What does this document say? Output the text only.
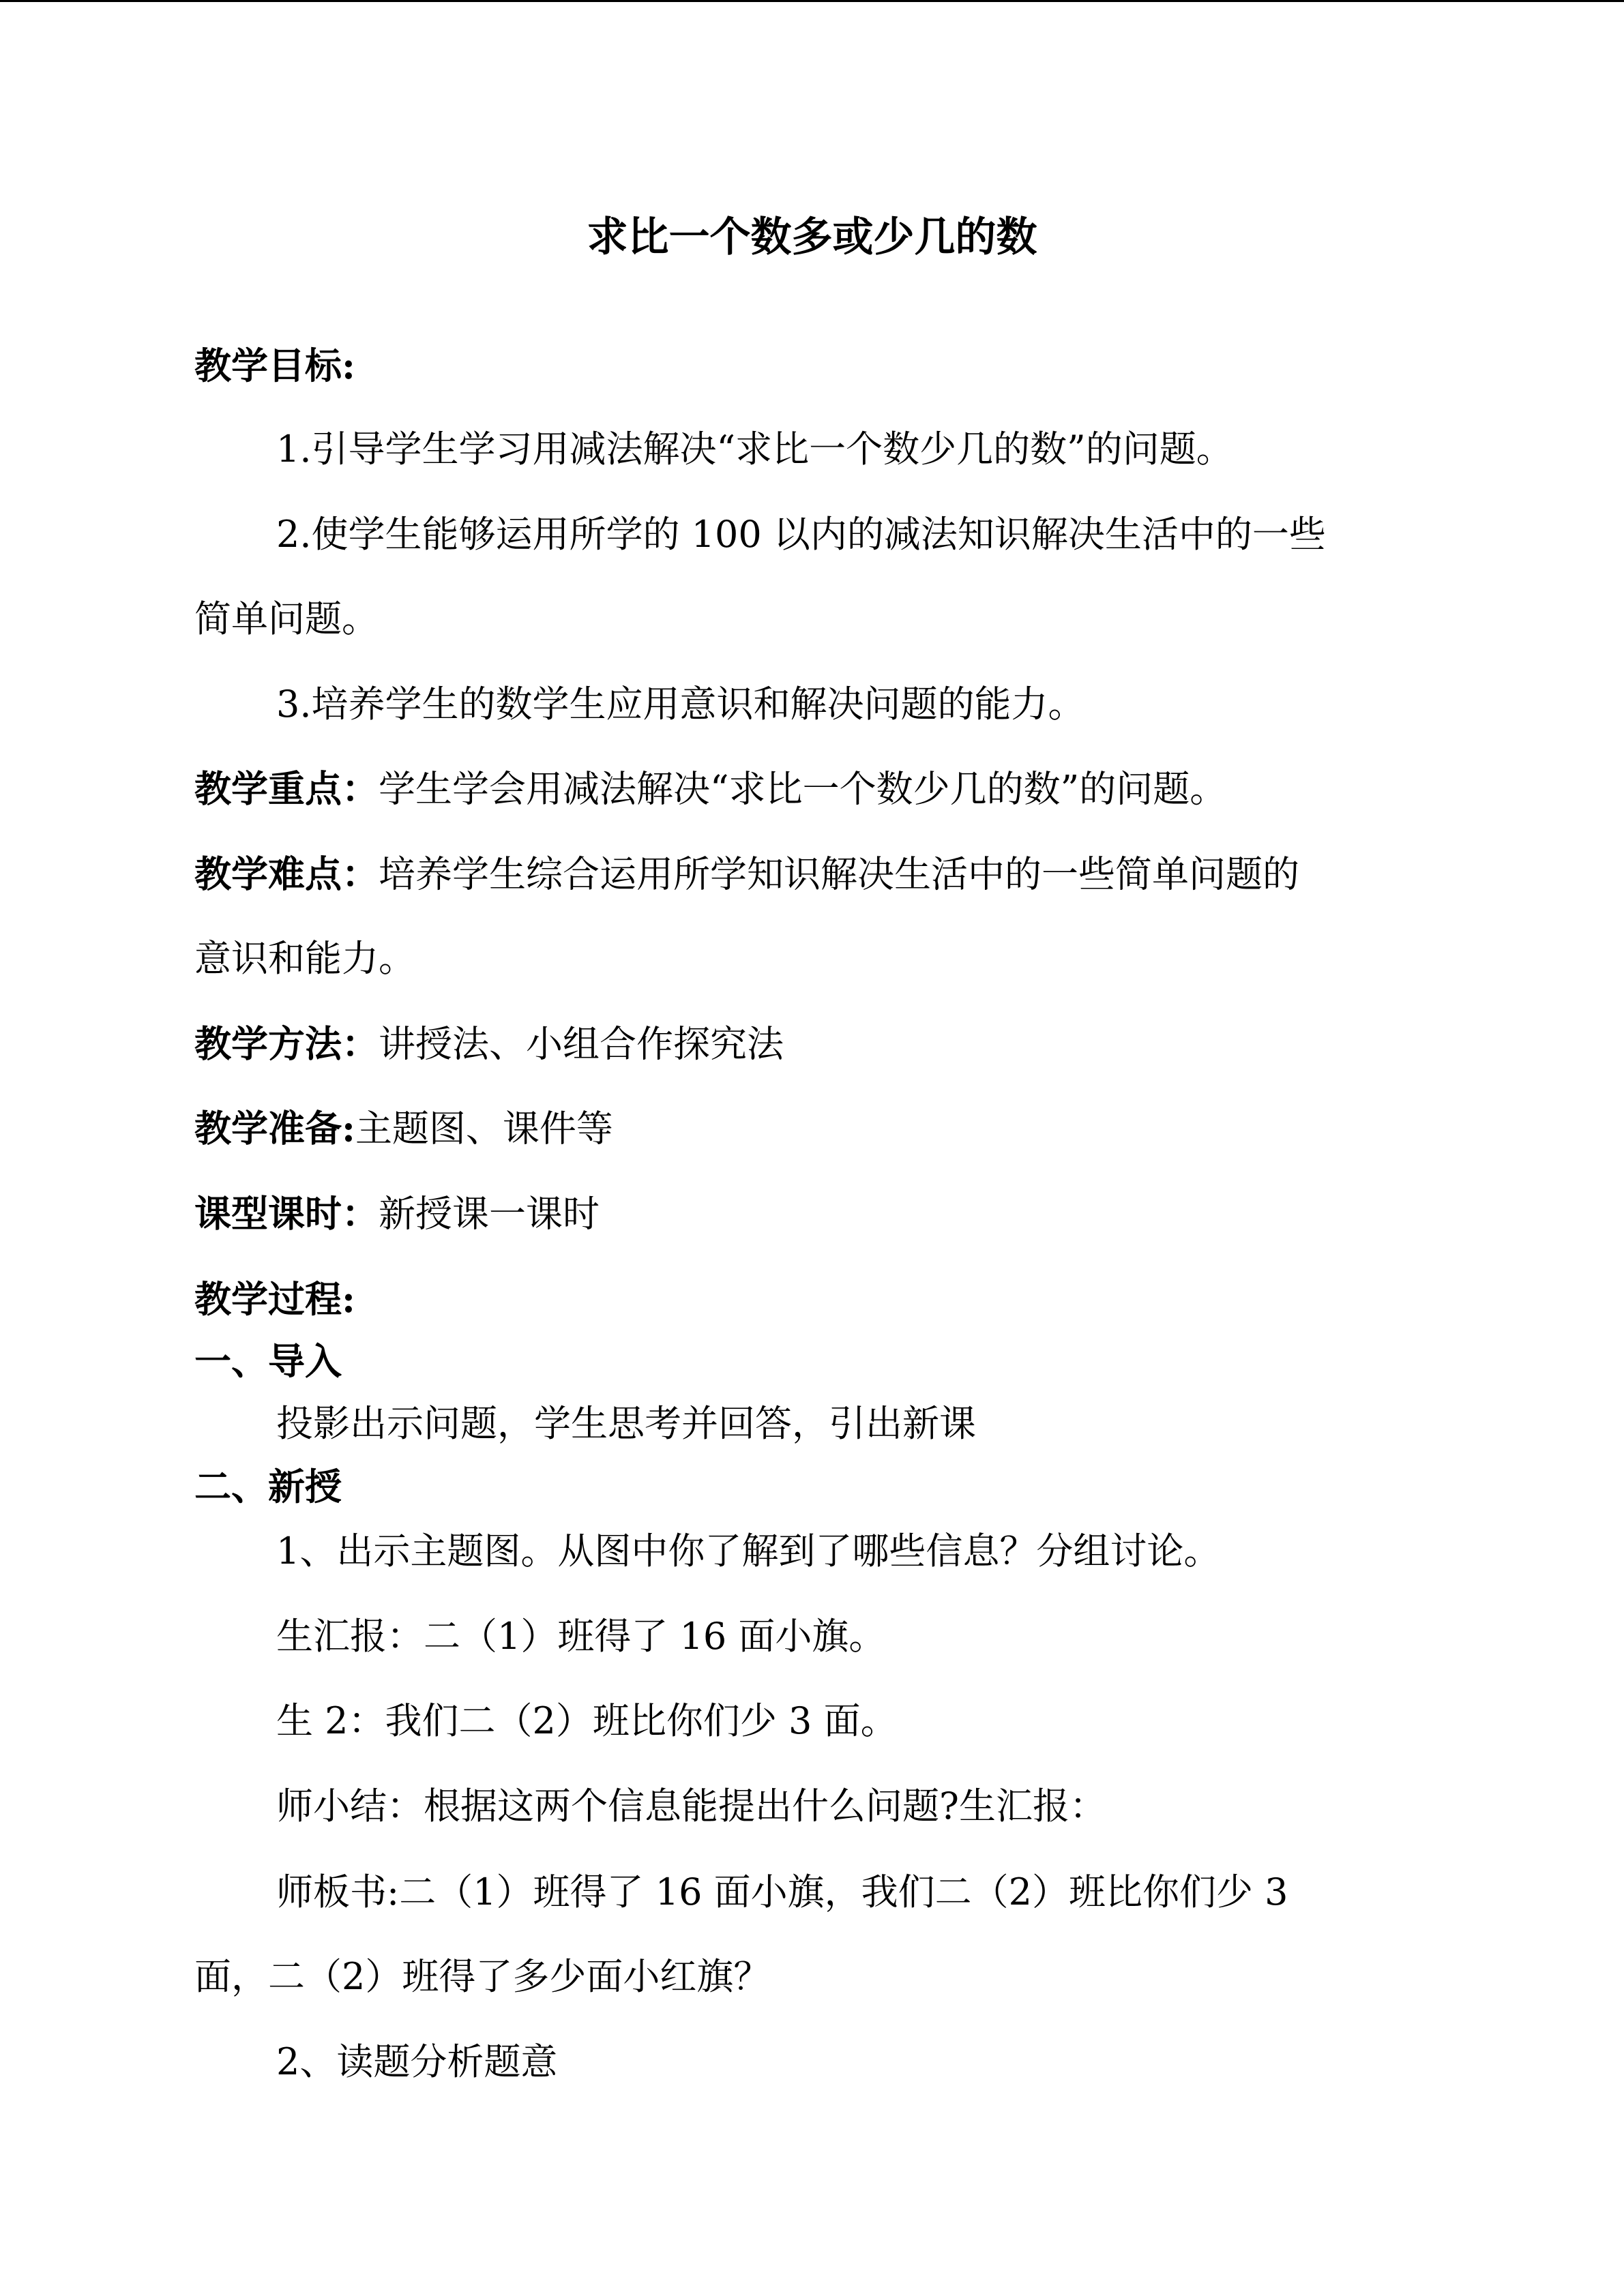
求比一个数多或少几的数
教学目标:
1.引导学生学习用减法解决“求比一个数少几的数”的问题。
2.使学生能够运用所学的 100 以内的减法知识解决生活中的一些
简单问题。
3.培养学生的数学生应用意识和解决问题的能力。
教学重点：学生学会用减法解决“求比一个数少几的数”的问题。
教学难点：培养学生综合运用所学知识解决生活中的一些简单问题的
意识和能力。
教学方法：讲授法、小组合作探究法
教学准备:主题图、课件等
课型课时：新授课一课时
教学过程:
一、导入
投影出示问题，学生思考并回答，引出新课
二、新授
1、出示主题图。从图中你了解到了哪些信息？分组讨论。
生汇报：二（1）班得了 16 面小旗。
生 2：我们二（2）班比你们少 3 面。
师小结：根据这两个信息能提出什么问题?生汇报：
师板书:二（1）班得了 16 面小旗，我们二（2）班比你们少 3
面，二（2）班得了多少面小红旗？
2、读题分析题意
